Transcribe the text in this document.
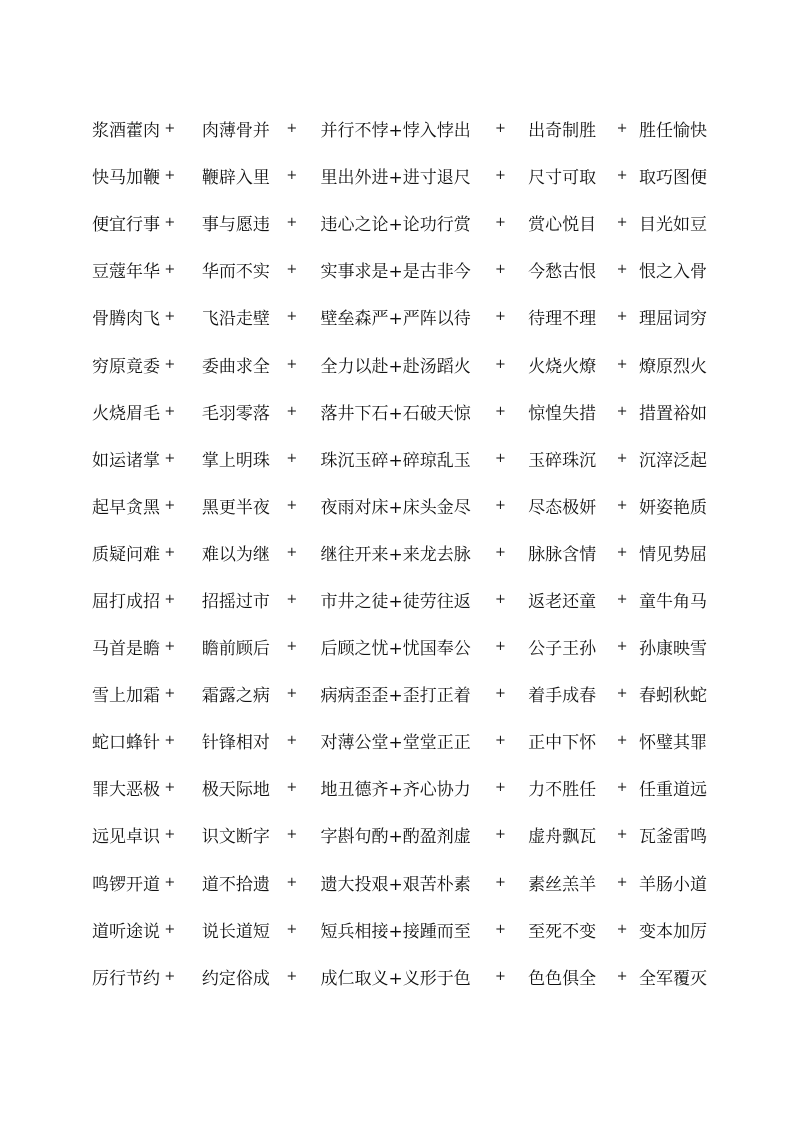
浆酒藿肉 +	肉薄骨并	+	并行不悖+悖入悖出	+	出奇制胜	+ 胜任愉快
快马加鞭 +	鞭辟入里	+	里出外进+进寸退尺	+	尺寸可取	+ 取巧图便
便宜行事 +	事与愿违	+	违心之论+论功行赏	+	赏心悦目	+ 目光如豆
豆蔻年华 +	华而不实	+	实事求是+是古非今	+	今愁古恨	+ 恨之入骨
骨腾肉飞 +	飞沿走壁	+	壁垒森严+严阵以待	+	待理不理	+ 理屈词穷
穷原竟委 +	委曲求全	+	全力以赴+赴汤蹈火	+	火烧火燎	+ 燎原烈火
火烧眉毛 +	毛羽零落	+	落井下石+石破天惊	+	惊惶失措	+ 措置裕如
如运诸掌 +	掌上明珠	+	珠沉玉碎+碎琼乱玉	+	玉碎珠沉	+ 沉滓泛起
起早贪黑 +	黑更半夜	+	夜雨对床+床头金尽	+	尽态极妍	+ 妍姿艳质
质疑问难 +	难以为继	+	继往开来+来龙去脉	+	脉脉含情	+ 情见势屈
屈打成招 +	招摇过市	+	市井之徒+徒劳往返	+	返老还童	+ 童牛角马
马首是瞻 +	瞻前顾后	+	后顾之忧+忧国奉公	+	公子王孙	+ 孙康映雪
雪上加霜 +	霜露之病	+	病病歪歪+歪打正着	+	着手成春	+ 春蚓秋蛇
蛇口蜂针 +	针锋相对	+	对薄公堂+堂堂正正	+	正中下怀	+ 怀璧其罪
罪大恶极 +	极天际地	+	地丑德齐+齐心协力	+	力不胜任	+ 任重道远
远见卓识 +	识文断字	+	字斟句酌+酌盈剂虚	+	虚舟飘瓦	+ 瓦釜雷鸣
鸣锣开道 +	道不拾遗	+	遗大投艰+艰苦朴素	+	素丝羔羊	+ 羊肠小道
道听途说 +	说长道短	+	短兵相接+接踵而至	+	至死不变	+ 变本加厉
厉行节约 +	约定俗成	+	成仁取义+义形于色	+	色色俱全	+ 全军覆灭
